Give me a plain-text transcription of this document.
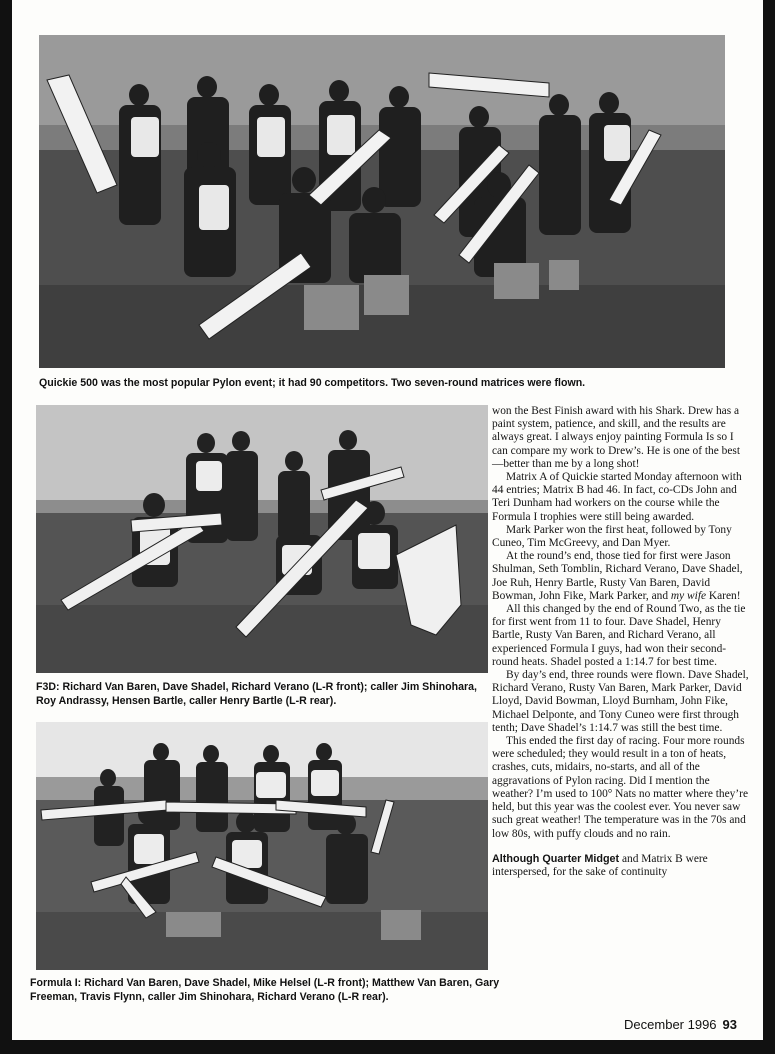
Quickie 500 was the most popular Pylon event; it had 90 competitors. Two seven-round matrices were flown.

F3D: Richard Van Baren, Dave Shadel, Richard Verano (L-R front); caller Jim Shinohara, Roy Andrassy, Hensen Bartle, caller Henry Bartle (L-R rear).

Formula I: Richard Van Baren, Dave Shadel, Mike Helsel (L-R front); Matthew Van Baren, Gary Freeman, Travis Flynn, caller Jim Shinohara, Richard Verano (L-R rear).

won the Best Finish award with his Shark. Drew has a paint system, patience, and skill, and the results are always great. I always enjoy painting Formula Is so I can compare my work to Drew’s. He is one of the best—better than me by a long shot!

Matrix A of Quickie started Monday afternoon with 44 entries; Matrix B had 46. In fact, co-CDs John and Teri Dunham had workers on the course while the Formula I trophies were still being awarded.

Mark Parker won the first heat, followed by Tony Cuneo, Tim McGreevy, and Dan Myer.

At the round’s end, those tied for first were Jason Shulman, Seth Tomblin, Richard Verano, Dave Shadel, Joe Ruh, Henry Bartle, Rusty Van Baren, David Bowman, John Fike, Mark Parker, and my wife Karen!

All this changed by the end of Round Two, as the tie for first went from 11 to four. Dave Shadel, Henry Bartle, Rusty Van Baren, and Richard Verano, all experienced Formula I guys, had won their second-round heats. Shadel posted a 1:14.7 for best time.

By day’s end, three rounds were flown. Dave Shadel, Richard Verano, Rusty Van Baren, Mark Parker, David Lloyd, David Bowman, Lloyd Burnham, John Fike, Michael Delponte, and Tony Cuneo were first through tenth; Dave Shadel’s 1:14.7 was still the best time.

This ended the first day of racing. Four more rounds were scheduled; they would result in a ton of heats, crashes, cuts, midairs, no-starts, and all of the aggravations of Pylon racing. Did I mention the weather? I’m used to 100° Nats no matter where they’re held, but this year was the coolest ever. You never saw such great weather! The temperature was in the 70s and low 80s, with puffy clouds and no rain.

Although Quarter Midget and Matrix B were interspersed, for the sake of continuity

December 1996 93
